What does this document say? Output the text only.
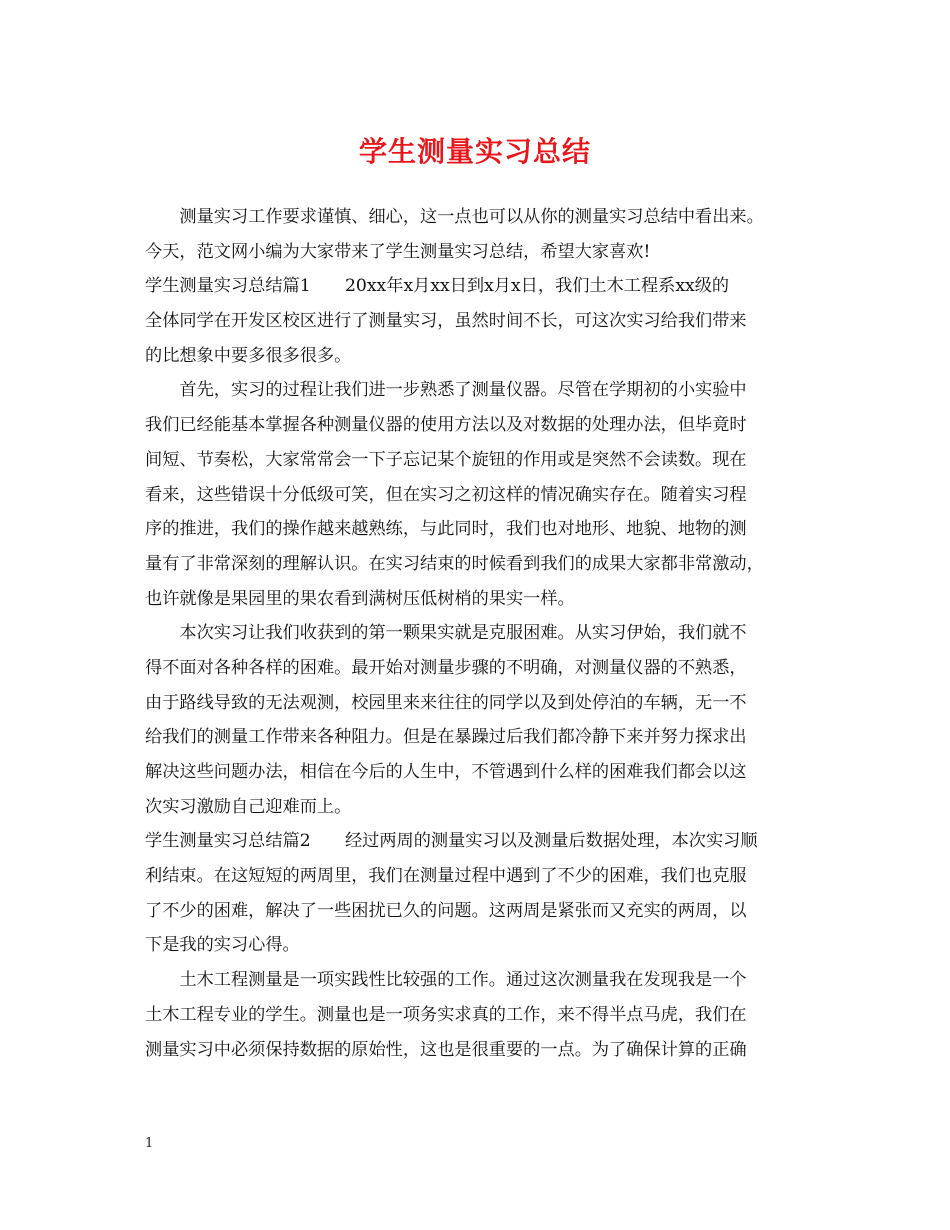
学生测量实习总结
　　测量实习工作要求谨慎、细心，这一点也可以从你的测量实习总结中看出来。
今天，范文网小编为大家带来了学生测量实习总结，希望大家喜欢!
学生测量实习总结篇1　　20xx年x月xx日到x月x日，我们土木工程系xx级的
全体同学在开发区校区进行了测量实习，虽然时间不长，可这次实习给我们带来
的比想象中要多很多很多。
　　首先，实习的过程让我们进一步熟悉了测量仪器。尽管在学期初的小实验中
我们已经能基本掌握各种测量仪器的使用方法以及对数据的处理办法，但毕竟时
间短、节奏松，大家常常会一下子忘记某个旋钮的作用或是突然不会读数。现在
看来，这些错误十分低级可笑，但在实习之初这样的情况确实存在。随着实习程
序的推进，我们的操作越来越熟练，与此同时，我们也对地形、地貌、地物的测
量有了非常深刻的理解认识。在实习结束的时候看到我们的成果大家都非常激动，
也许就像是果园里的果农看到满树压低树梢的果实一样。
　　本次实习让我们收获到的第一颗果实就是克服困难。从实习伊始，我们就不
得不面对各种各样的困难。最开始对测量步骤的不明确，对测量仪器的不熟悉，
由于路线导致的无法观测，校园里来来往往的同学以及到处停泊的车辆，无一不
给我们的测量工作带来各种阻力。但是在暴躁过后我们都冷静下来并努力探求出
解决这些问题办法，相信在今后的人生中，不管遇到什么样的困难我们都会以这
次实习激励自己迎难而上。
学生测量实习总结篇2　　经过两周的测量实习以及测量后数据处理，本次实习顺
利结束。在这短短的两周里，我们在测量过程中遇到了不少的困难，我们也克服
了不少的困难，解决了一些困扰已久的问题。这两周是紧张而又充实的两周，以
下是我的实习心得。
　　土木工程测量是一项实践性比较强的工作。通过这次测量我在发现我是一个
土木工程专业的学生。测量也是一项务实求真的工作，来不得半点马虎，我们在
测量实习中必须保持数据的原始性，这也是很重要的一点。为了确保计算的正确
1
